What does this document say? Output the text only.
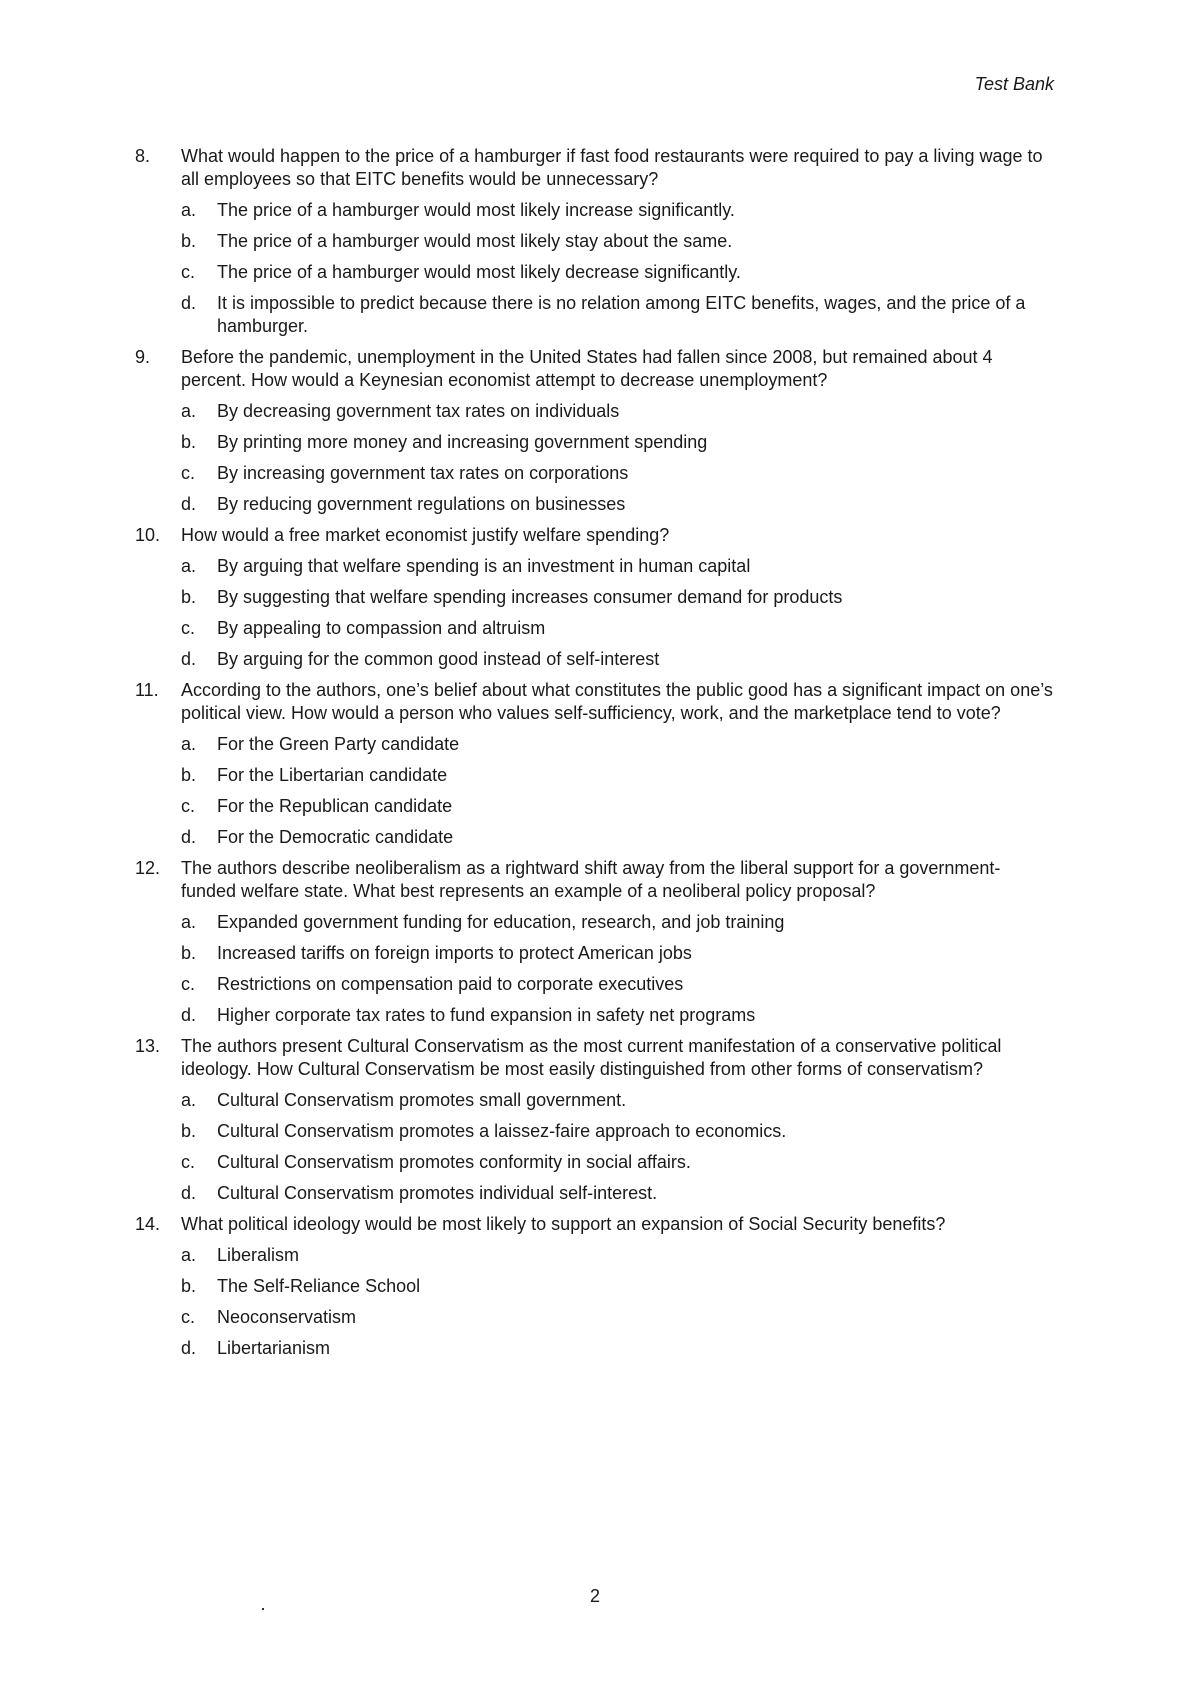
Test Bank
8.	What would happen to the price of a hamburger if fast food restaurants were required to pay a living wage to all employees so that EITC benefits would be unnecessary?
a.	The price of a hamburger would most likely increase significantly.
b.	The price of a hamburger would most likely stay about the same.
c.	The price of a hamburger would most likely decrease significantly.
d.	It is impossible to predict because there is no relation among EITC benefits, wages, and the price of a hamburger.
9.	Before the pandemic, unemployment in the United States had fallen since 2008, but remained about 4 percent. How would a Keynesian economist attempt to decrease unemployment?
a.	By decreasing government tax rates on individuals
b.	By printing more money and increasing government spending
c.	By increasing government tax rates on corporations
d.	By reducing government regulations on businesses
10.	How would a free market economist justify welfare spending?
a.	By arguing that welfare spending is an investment in human capital
b.	By suggesting that welfare spending increases consumer demand for products
c.	By appealing to compassion and altruism
d.	By arguing for the common good instead of self-interest
11.	According to the authors, one’s belief about what constitutes the public good has a significant impact on one’s political view. How would a person who values self-sufficiency, work, and the marketplace tend to vote?
a.	For the Green Party candidate
b.	For the Libertarian candidate
c.	For the Republican candidate
d.	For the Democratic candidate
12.	The authors describe neoliberalism as a rightward shift away from the liberal support for a government-funded welfare state. What best represents an example of a neoliberal policy proposal?
a.	Expanded government funding for education, research, and job training
b.	Increased tariffs on foreign imports to protect American jobs
c.	Restrictions on compensation paid to corporate executives
d.	Higher corporate tax rates to fund expansion in safety net programs
13.	The authors present Cultural Conservatism as the most current manifestation of a conservative political ideology. How Cultural Conservatism be most easily distinguished from other forms of conservatism?
a.	Cultural Conservatism promotes small government.
b.	Cultural Conservatism promotes a laissez-faire approach to economics.
c.	Cultural Conservatism promotes conformity in social affairs.
d.	Cultural Conservatism promotes individual self-interest.
14.	What political ideology would be most likely to support an expansion of Social Security benefits?
a.	Liberalism
b.	The Self-Reliance School
c.	Neoconservatism
d.	Libertarianism
2
